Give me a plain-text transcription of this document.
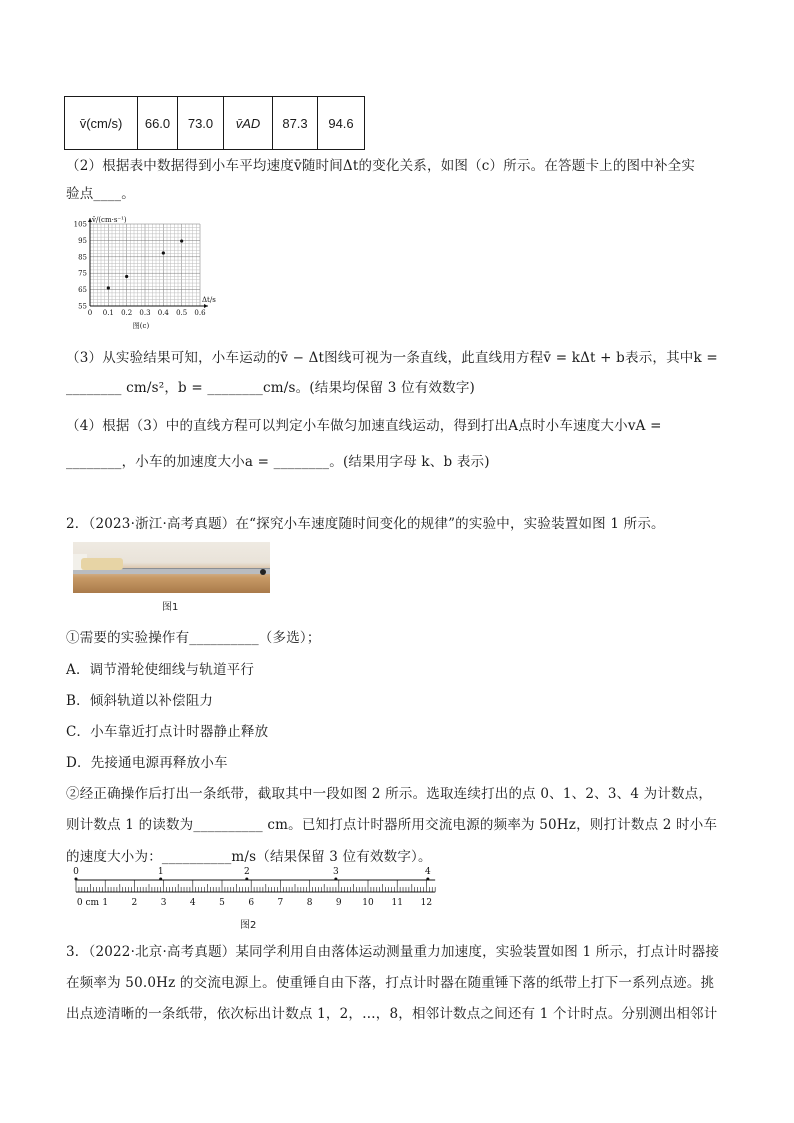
v̄(cm/s)	66.0	73.0	v̄AD	87.3	94.6
（2）根据表中数据得到小车平均速度v̄随时间Δt的变化关系，如图（c）所示。在答题卡上的图中补全实
验点____。
v̄/(cm·s⁻¹)
Δt/s
0 0.1 0.2 0.3 0.4 0.5 0.6
55
65
75
85
95
105
图(c)
（3）从实验结果可知，小车运动的v̄ − Δt图线可视为一条直线，此直线用方程v̄ = kΔt + b表示，其中k =
________ cm/s²，b = ________cm/s。(结果均保留 3 位有效数字)
（4）根据（3）中的直线方程可以判定小车做匀加速直线运动，得到打出A点时小车速度大小vA =
________，小车的加速度大小a = ________。(结果用字母 k、b 表示)
2．（2023·浙江·高考真题）在“探究小车速度随时间变化的规律”的实验中，实验装置如图 1 所示。
图1
①需要的实验操作有__________（多选）；
A．调节滑轮使细线与轨道平行
B．倾斜轨道以补偿阻力
C．小车靠近打点计时器静止释放
D．先接通电源再释放小车
②经正确操作后打出一条纸带，截取其中一段如图 2 所示。选取连续打出的点 0、1、2、3、4 为计数点，
则计数点 1 的读数为__________ cm。已知打点计时器所用交流电源的频率为 50Hz，则打计数点 2 时小车
的速度大小为：__________m/s（结果保留 3 位有效数字）。
0 cm 1	2	3	4	5	6	7	8	9 10 11 12
0	1	2	3	4
图2
3．（2022·北京·高考真题）某同学利用自由落体运动测量重力加速度，实验装置如图 1 所示，打点计时器接
在频率为 50.0Hz 的交流电源上。使重锤自由下落，打点计时器在随重锤下落的纸带上打下一系列点迹。挑
出点迹清晰的一条纸带，依次标出计数点 1，2，…，8，相邻计数点之间还有 1 个计时点。分别测出相邻计
